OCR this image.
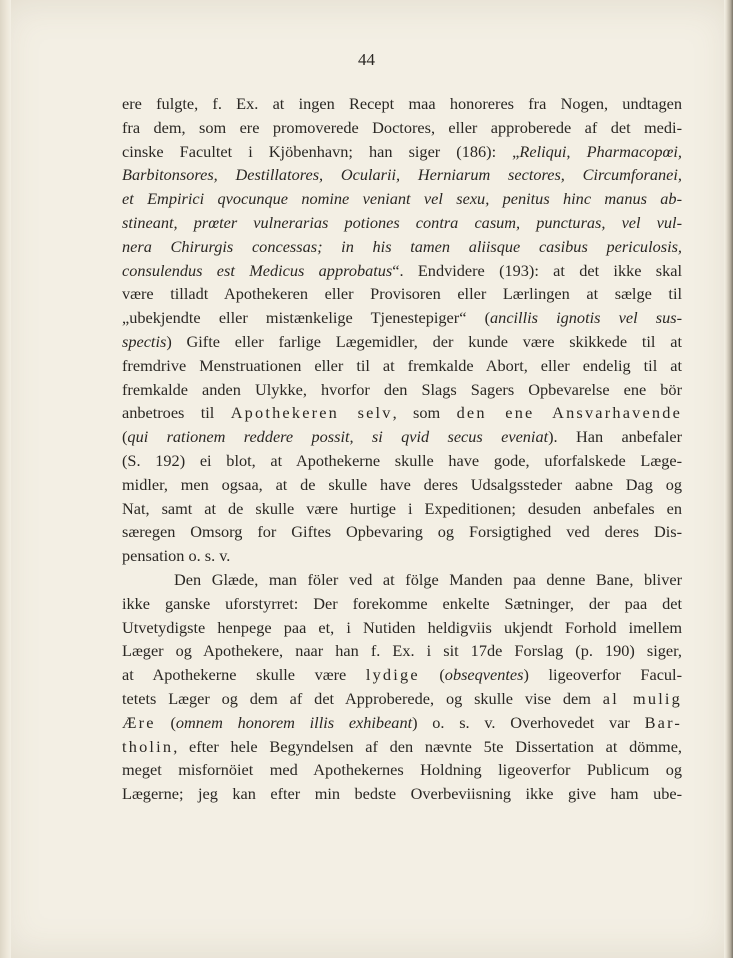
44
ere fulgte, f. Ex. at ingen Recept maa honoreres fra Nogen, undtagen
fra dem, som ere promoverede Doctores, eller approberede af det medi-
cinske Facultet i Kjöbenhavn; han siger (186): „Reliqui, Pharmacopœi,
Barbitonsores, Destillatores, Ocularii, Herniarum sectores, Circumforanei,
et Empirici qvocunque nomine veniant vel sexu, penitus hinc manus ab-
stineant, prœter vulnerarias potiones contra casum, puncturas, vel vul-
nera Chirurgis concessas; in his tamen aliisque casibus periculosis,
consulendus est Medicus approbatus“. Endvidere (193): at det ikke skal
være tilladt Apothekeren eller Provisoren eller Lærlingen at sælge til
„ubekjendte eller mistænkelige Tjenestepiger“ (ancillis ignotis vel sus-
spectis) Gifte eller farlige Lægemidler, der kunde være skikkede til at
fremdrive Menstruationen eller til at fremkalde Abort, eller endelig til at
fremkalde anden Ulykke, hvorfor den Slags Sagers Opbevarelse ene bör
anbetroes til Apothekeren selv, som den ene Ansvarhavende
(qui rationem reddere possit, si qvid secus eveniat). Han anbefaler
(S. 192) ei blot, at Apothekerne skulle have gode, uforfalskede Læge-
midler, men ogsaa, at de skulle have deres Udsalgssteder aabne Dag og
Nat, samt at de skulle være hurtige i Expeditionen; desuden anbefales en
særegen Omsorg for Giftes Opbevaring og Forsigtighed ved deres Dis-
pensation o. s. v.
Den Glæde, man föler ved at fölge Manden paa denne Bane, bliver
ikke ganske uforstyrret: Der forekomme enkelte Sætninger, der paa det
Utvetydigste henpege paa et, i Nutiden heldigviis ukjendt Forhold imellem
Læger og Apothekere, naar han f. Ex. i sit 17de Forslag (p. 190) siger,
at Apothekerne skulle være lydige (obseqventes) ligeoverfor Facul-
tetets Læger og dem af det Approberede, og skulle vise dem al mulig
Ære (omnem honorem illis exhibeant) o. s. v. Overhovedet var Bar-
tholin, efter hele Begyndelsen af den nævnte 5te Dissertation at dömme,
meget misfornöiet med Apothekernes Holdning ligeoverfor Publicum og
Lægerne; jeg kan efter min bedste Overbeviisning ikke give ham ube-
